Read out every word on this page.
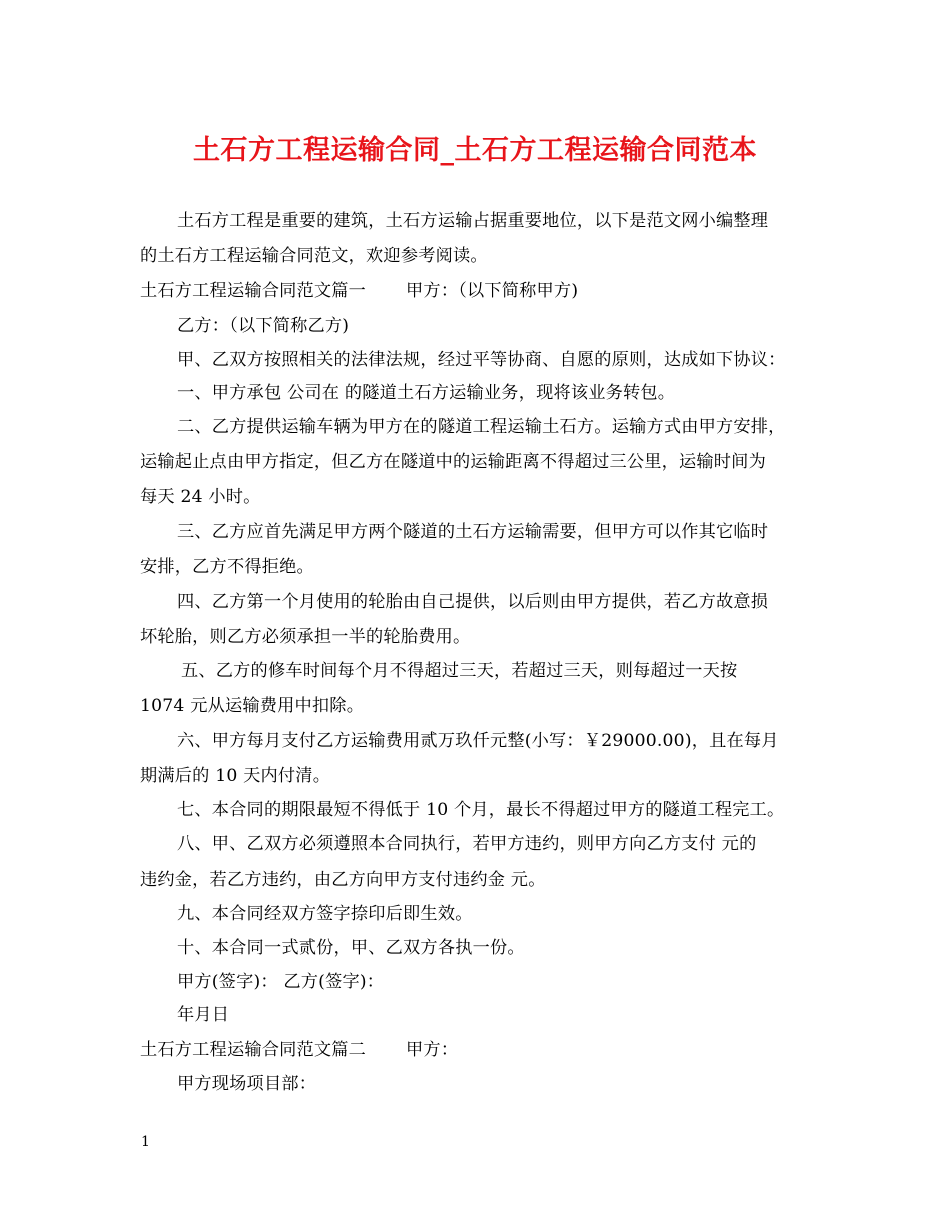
土石方工程运输合同_土石方工程运输合同范本
土石方工程是重要的建筑，土石方运输占据重要地位，以下是范文网小编整理
的土石方工程运输合同范文，欢迎参考阅读。
土石方工程运输合同范文篇一 甲方：（以下简称甲方)
乙方：（以下简称乙方)
甲、乙双方按照相关的法律法规，经过平等协商、自愿的原则，达成如下协议：
一、甲方承包 公司在 的隧道土石方运输业务，现将该业务转包。
二、乙方提供运输车辆为甲方在的隧道工程运输土石方。运输方式由甲方安排，
运输起止点由甲方指定，但乙方在隧道中的运输距离不得超过三公里，运输时间为
每天 24 小时。
三、乙方应首先满足甲方两个隧道的土石方运输需要，但甲方可以作其它临时
安排，乙方不得拒绝。
四、乙方第一个月使用的轮胎由自己提供，以后则由甲方提供，若乙方故意损
坏轮胎，则乙方必须承担一半的轮胎费用。
五、乙方的修车时间每个月不得超过三天，若超过三天，则每超过一天按
1074 元从运输费用中扣除。
六、甲方每月支付乙方运输费用贰万玖仟元整(小写：￥29000.00)，且在每月
期满后的 10 天内付清。
七、本合同的期限最短不得低于 10 个月，最长不得超过甲方的隧道工程完工。
八、甲、乙双方必须遵照本合同执行，若甲方违约，则甲方向乙方支付 元的
违约金，若乙方违约，由乙方向甲方支付违约金 元。
九、本合同经双方签字捺印后即生效。
十、本合同一式贰份，甲、乙双方各执一份。
甲方(签字)： 乙方(签字)：
年月日
土石方工程运输合同范文篇二 甲方：
甲方现场项目部：
1
